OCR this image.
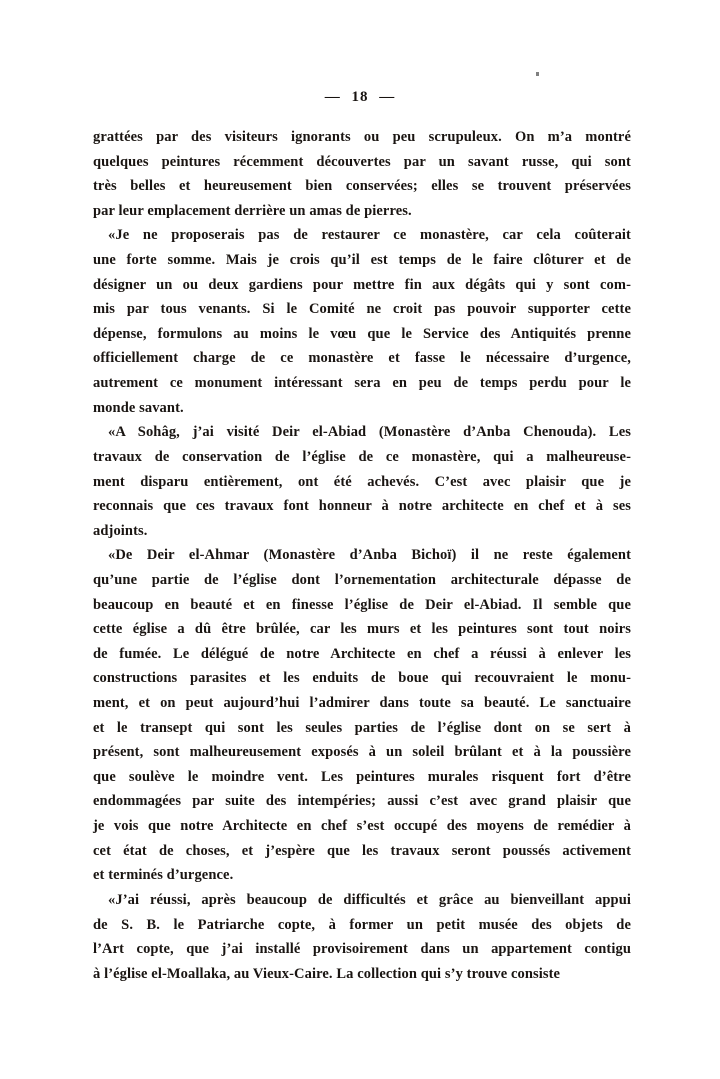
— 18 —
grattées par des visiteurs ignorants ou peu scrupuleux. On m’a montré
quelques peintures récemment découvertes par un savant russe, qui sont
très belles et heureusement bien conservées; elles se trouvent préservées
par leur emplacement derrière un amas de pierres.
«Je ne proposerais pas de restaurer ce monastère, car cela coûterait
une forte somme. Mais je crois qu’il est temps de le faire clôturer et de
désigner un ou deux gardiens pour mettre fin aux dégâts qui y sont com-
mis par tous venants. Si le Comité ne croit pas pouvoir supporter cette
dépense, formulons au moins le vœu que le Service des Antiquités prenne
officiellement charge de ce monastère et fasse le nécessaire d’urgence,
autrement ce monument intéressant sera en peu de temps perdu pour le
monde savant.
«A Sohâg, j’ai visité Deir el-Abiad (Monastère d’Anba Chenouda). Les
travaux de conservation de l’église de ce monastère, qui a malheureuse-
ment disparu entièrement, ont été achevés. C’est avec plaisir que je
reconnais que ces travaux font honneur à notre architecte en chef et à ses
adjoints.
«De Deir el-Ahmar (Monastère d’Anba Bichoï) il ne reste également
qu’une partie de l’église dont l’ornementation architecturale dépasse de
beaucoup en beauté et en finesse l’église de Deir el-Abiad. Il semble que
cette église a dû être brûlée, car les murs et les peintures sont tout noirs
de fumée. Le délégué de notre Architecte en chef a réussi à enlever les
constructions parasites et les enduits de boue qui recouvraient le monu-
ment, et on peut aujourd’hui l’admirer dans toute sa beauté. Le sanctuaire
et le transept qui sont les seules parties de l’église dont on se sert à
présent, sont malheureusement exposés à un soleil brûlant et à la poussière
que soulève le moindre vent. Les peintures murales risquent fort d’être
endommagées par suite des intempéries; aussi c’est avec grand plaisir que
je vois que notre Architecte en chef s’est occupé des moyens de remédier à
cet état de choses, et j’espère que les travaux seront poussés activement
et terminés d’urgence.
«J’ai réussi, après beaucoup de difficultés et grâce au bienveillant appui
de S. B. le Patriarche copte, à former un petit musée des objets de
l’Art copte, que j’ai installé provisoirement dans un appartement contigu
à l’église el-Moallaka, au Vieux-Caire. La collection qui s’y trouve consiste
